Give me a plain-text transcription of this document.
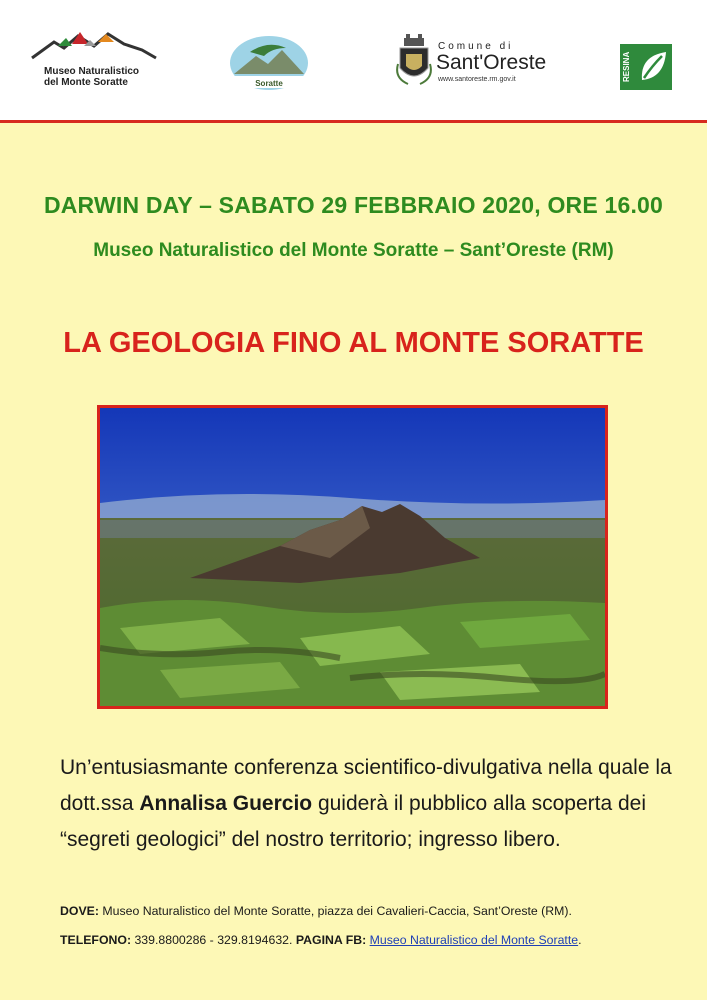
Museo Naturalistico
del Monte Soratte	Soratte
Comune di
Sant'Oreste
www.santoreste.rm.gov.it	RESINA
DARWIN DAY – SABATO 29 FEBBRAIO 2020, ORE 16.00
Museo Naturalistico del Monte Soratte – Sant’Oreste (RM)
LA GEOLOGIA FINO AL MONTE SORATTE
Un’entusiasmante conferenza scientifico-divulgativa nella quale la dott.ssa Annalisa Guercio guiderà il pubblico alla scoperta dei “segreti geologici” del nostro territorio; ingresso libero.
DOVE: Museo Naturalistico del Monte Soratte, piazza dei Cavalieri-Caccia, Sant’Oreste (RM).
TELEFONO: 339.8800286 - 329.8194632. PAGINA FB: Museo Naturalistico del Monte Soratte.
